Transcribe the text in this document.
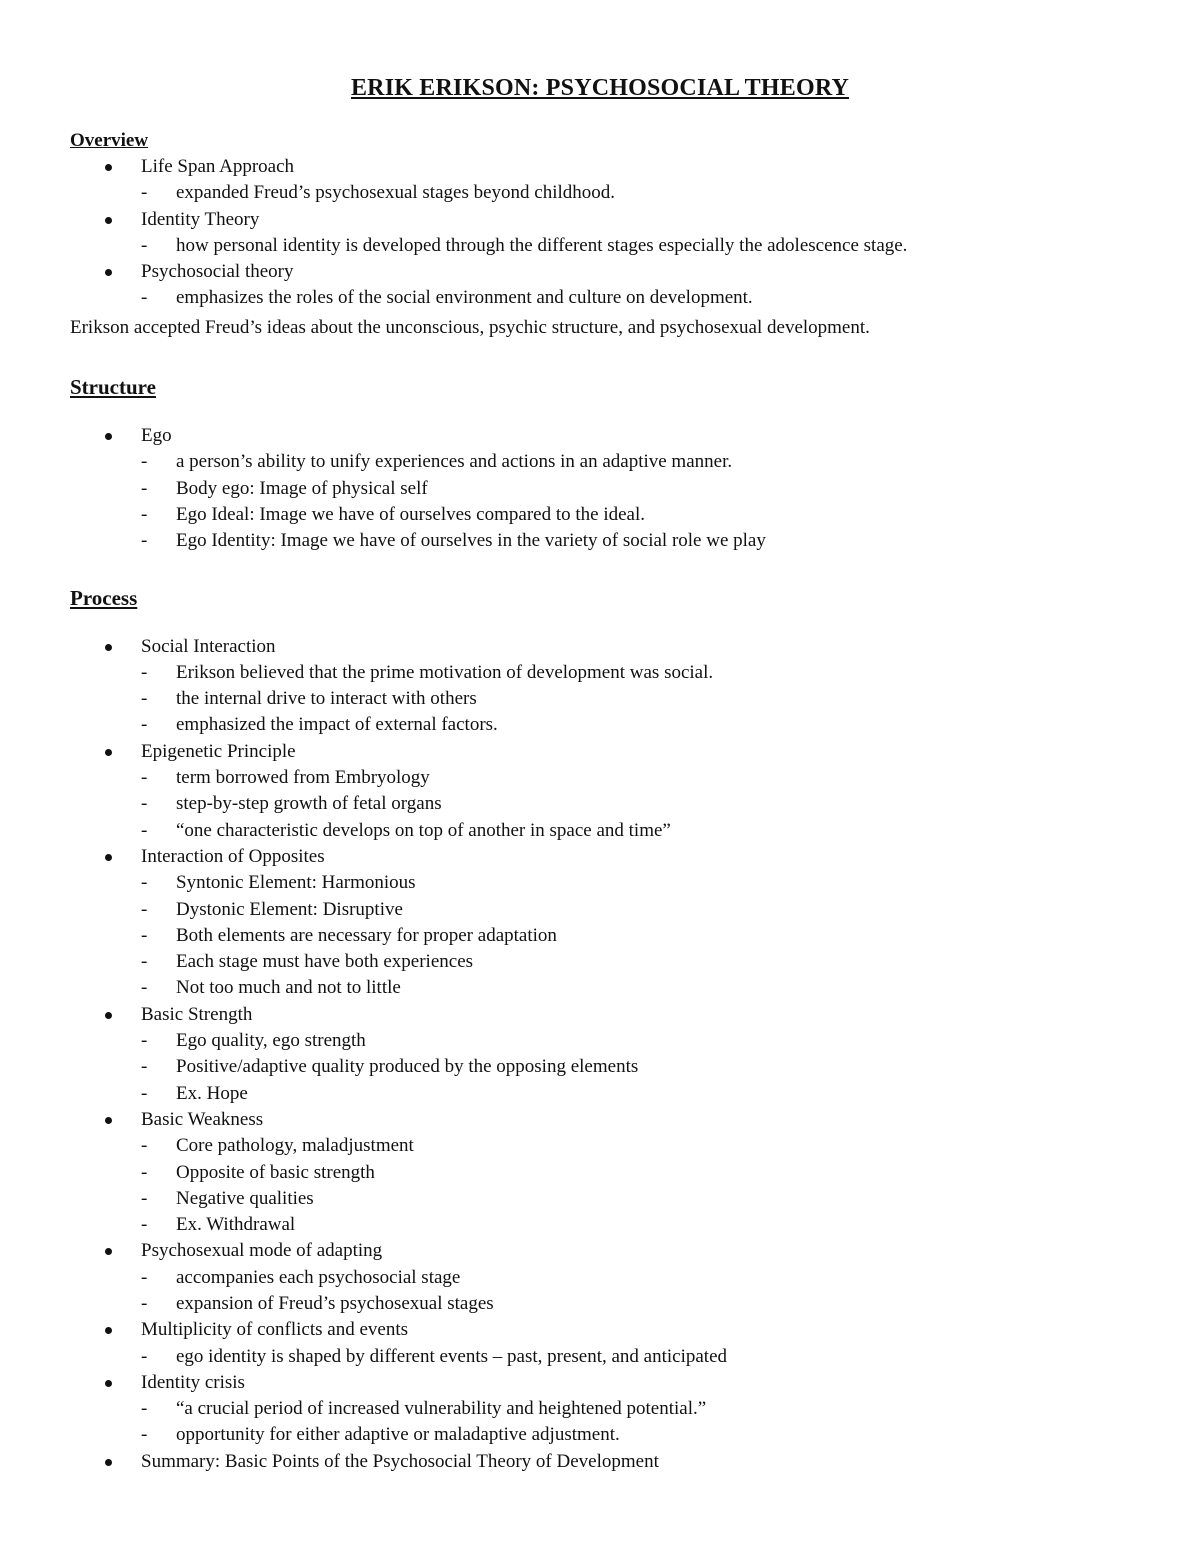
ERIK ERIKSON: PSYCHOSOCIAL THEORY
Overview
Life Span Approach
- expanded Freud’s psychosexual stages beyond childhood.
Identity Theory
- how personal identity is developed through the different stages especially the adolescence stage.
Psychosocial theory
- emphasizes the roles of the social environment and culture on development.
Erikson accepted Freud’s ideas about the unconscious, psychic structure, and psychosexual development.
Structure
Ego
- a person’s ability to unify experiences and actions in an adaptive manner.
- Body ego: Image of physical self
- Ego Ideal: Image we have of ourselves compared to the ideal.
- Ego Identity: Image we have of ourselves in the variety of social role we play
Process
Social Interaction
- Erikson believed that the prime motivation of development was social.
- the internal drive to interact with others
- emphasized the impact of external factors.
Epigenetic Principle
- term borrowed from Embryology
- step-by-step growth of fetal organs
- “one characteristic develops on top of another in space and time”
Interaction of Opposites
- Syntonic Element: Harmonious
- Dystonic Element: Disruptive
- Both elements are necessary for proper adaptation
- Each stage must have both experiences
- Not too much and not to little
Basic Strength
- Ego quality, ego strength
- Positive/adaptive quality produced by the opposing elements
- Ex. Hope
Basic Weakness
- Core pathology, maladjustment
- Opposite of basic strength
- Negative qualities
- Ex. Withdrawal
Psychosexual mode of adapting
- accompanies each psychosocial stage
- expansion of Freud’s psychosexual stages
Multiplicity of conflicts and events
- ego identity is shaped by different events – past, present, and anticipated
Identity crisis
- “a crucial period of increased vulnerability and heightened potential.”
- opportunity for either adaptive or maladaptive adjustment.
Summary: Basic Points of the Psychosocial Theory of Development
